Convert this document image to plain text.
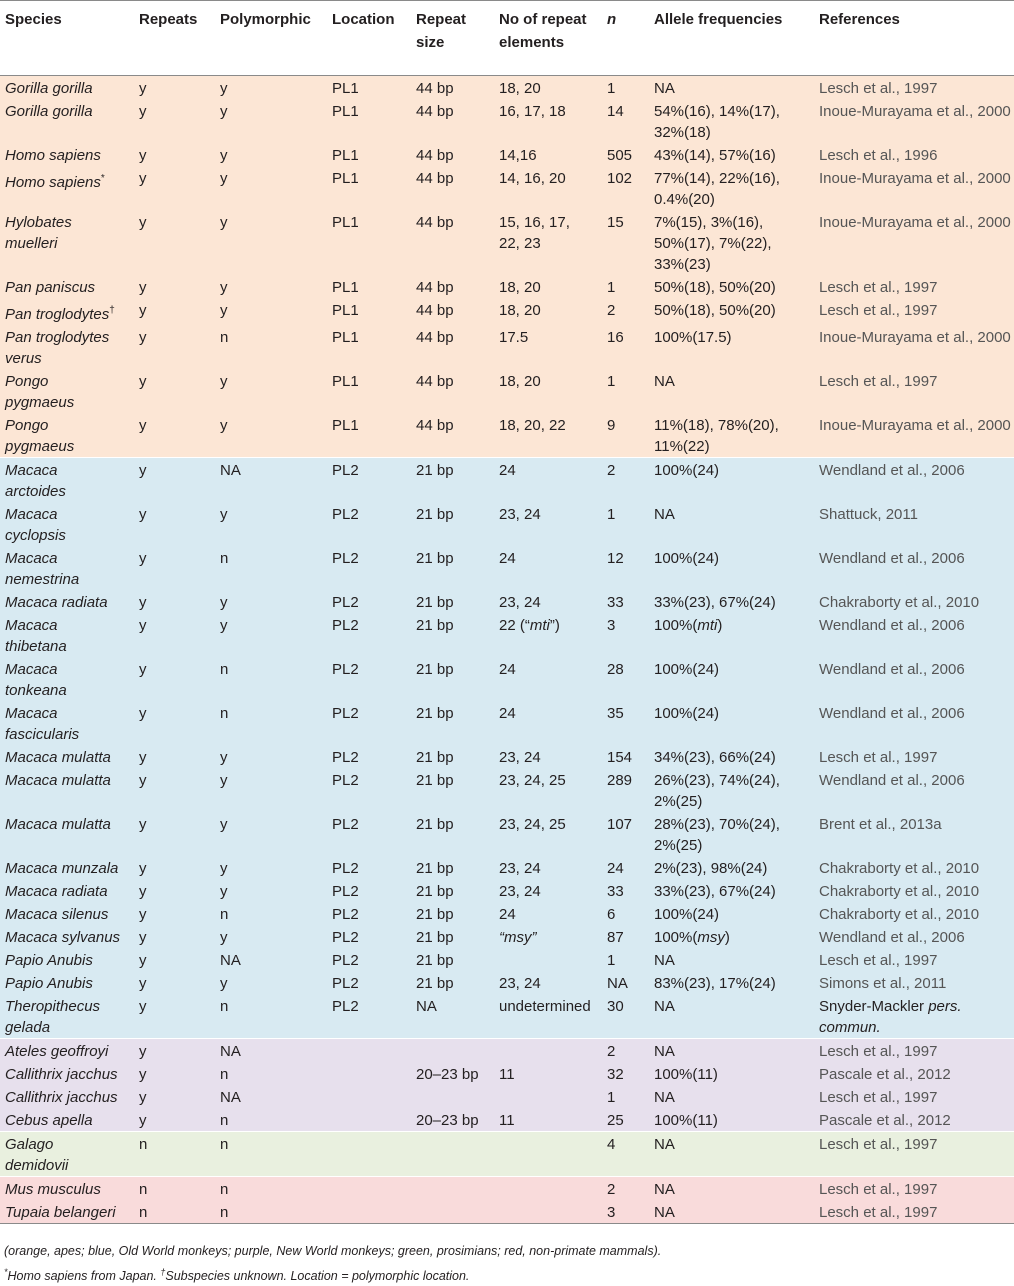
Species	Repeats	Polymorphic	Location	Repeat size	No of repeat elements	n	Allele frequencies	References
Gorilla gorilla	y	y	PL1	44 bp	18, 20	1	NA	Lesch et al., 1997
Gorilla gorilla	y	y	PL1	44 bp	16, 17, 18	14	54%(16), 14%(17),
32%(18)	Inoue-Murayama et al., 2000
Homo sapiens	y	y	PL1	44 bp	14,16	505	43%(14), 57%(16)	Lesch et al., 1996
Homo sapiens*	y	y	PL1	44 bp	14, 16, 20	102	77%(14), 22%(16),
0.4%(20)	Inoue-Murayama et al., 2000
Hylobates
muelleri	y	y	PL1	44 bp	15, 16, 17,
22, 23	15	7%(15), 3%(16),
50%(17), 7%(22),
33%(23)	Inoue-Murayama et al., 2000
Pan paniscus	y	y	PL1	44 bp	18, 20	1	50%(18), 50%(20)	Lesch et al., 1997
Pan troglodytes†	y	y	PL1	44 bp	18, 20	2	50%(18), 50%(20)	Lesch et al., 1997
Pan troglodytes
verus	y	n	PL1	44 bp	17.5	16	100%(17.5)	Inoue-Murayama et al., 2000
Pongo
pygmaeus	y	y	PL1	44 bp	18, 20	1	NA	Lesch et al., 1997
Pongo
pygmaeus	y	y	PL1	44 bp	18, 20, 22	9	11%(18), 78%(20),
11%(22)	Inoue-Murayama et al., 2000
Macaca
arctoides	y	NA	PL2	21 bp	24	2	100%(24)	Wendland et al., 2006
Macaca
cyclopsis	y	y	PL2	21 bp	23, 24	1	NA	Shattuck, 2011
Macaca
nemestrina	y	n	PL2	21 bp	24	12	100%(24)	Wendland et al., 2006
Macaca radiata	y	y	PL2	21 bp	23, 24	33	33%(23), 67%(24)	Chakraborty et al., 2010
Macaca
thibetana	y	y	PL2	21 bp	22 (“mti”)	3	100%(mti)	Wendland et al., 2006
Macaca
tonkeana	y	n	PL2	21 bp	24	28	100%(24)	Wendland et al., 2006
Macaca
fascicularis	y	n	PL2	21 bp	24	35	100%(24)	Wendland et al., 2006
Macaca mulatta	y	y	PL2	21 bp	23, 24	154	34%(23), 66%(24)	Lesch et al., 1997
Macaca mulatta	y	y	PL2	21 bp	23, 24, 25	289	26%(23), 74%(24),
2%(25)	Wendland et al., 2006
Macaca mulatta	y	y	PL2	21 bp	23, 24, 25	107	28%(23), 70%(24),
2%(25)	Brent et al., 2013a
Macaca munzala	y	y	PL2	21 bp	23, 24	24	2%(23), 98%(24)	Chakraborty et al., 2010
Macaca radiata	y	y	PL2	21 bp	23, 24	33	33%(23), 67%(24)	Chakraborty et al., 2010
Macaca silenus	y	n	PL2	21 bp	24	6	100%(24)	Chakraborty et al., 2010
Macaca sylvanus	y	y	PL2	21 bp	“msy”	87	100%(msy)	Wendland et al., 2006
Papio Anubis	y	NA	PL2	21 bp		1	NA	Lesch et al., 1997
Papio Anubis	y	y	PL2	21 bp	23, 24	NA	83%(23), 17%(24)	Simons et al., 2011
Theropithecus
gelada	y	n	PL2	NA	undetermined	30	NA	Snyder-Mackler pers.
commun.
Ateles geoffroyi	y	NA				2	NA	Lesch et al., 1997
Callithrix jacchus	y	n		20–23 bp	11	32	100%(11)	Pascale et al., 2012
Callithrix jacchus	y	NA				1	NA	Lesch et al., 1997
Cebus apella	y	n		20–23 bp	11	25	100%(11)	Pascale et al., 2012
Galago
demidovii	n	n				4	NA	Lesch et al., 1997
Mus musculus	n	n				2	NA	Lesch et al., 1997
Tupaia belangeri	n	n				3	NA	Lesch et al., 1997
(orange, apes; blue, Old World monkeys; purple, New World monkeys; green, prosimians; red, non-primate mammals).
*Homo sapiens from Japan. †Subspecies unknown. Location = polymorphic location.
